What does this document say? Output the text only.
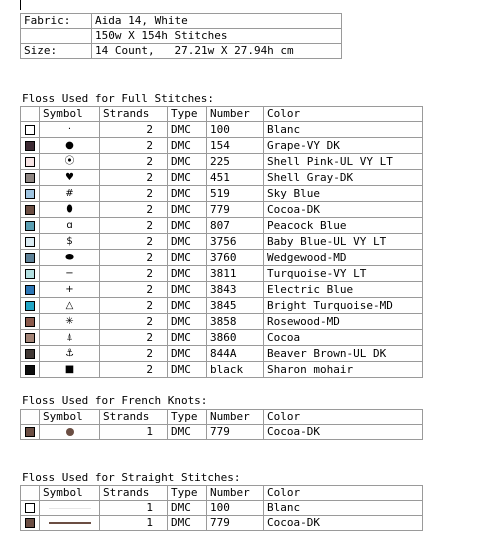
Fabric:	Aida 14, White
	150w X 154h Stitches
Size:	14 Count,   27.21w X 27.94h cm
Floss Used for Full Stitches:
	Symbol	Strands	Type	Number	Color

	·	2	DMC	100	Blanc

	●	2	DMC	154	Grape-VY DK

	⦿	2	DMC	225	Shell Pink-UL VY LT

	♥	2	DMC	451	Shell Gray-DK

	#	2	DMC	519	Sky Blue

	⬮	2	DMC	779	Cocoa-DK

	ɑ	2	DMC	807	Peacock Blue

	$	2	DMC	3756	Baby Blue-UL VY LT

	⬬	2	DMC	3760	Wedgewood-MD

	−	2	DMC	3811	Turquoise-VY LT

	+	2	DMC	3843	Electric Blue

	△	2	DMC	3845	Bright Turquoise-MD

	✳	2	DMC	3858	Rosewood-MD

	⍋	2	DMC	3860	Cocoa

	⚓	2	DMC	844A	Beaver Brown-UL DK

	■	2	DMC	black	Sharon mohair
Floss Used for French Knots:
	Symbol	Strands	Type	Number	Color

		1	DMC	779	Cocoa-DK
Floss Used for Straight Stitches:
	Symbol	Strands	Type	Number	Color

		1	DMC	100	Blanc

		1	DMC	779	Cocoa-DK
